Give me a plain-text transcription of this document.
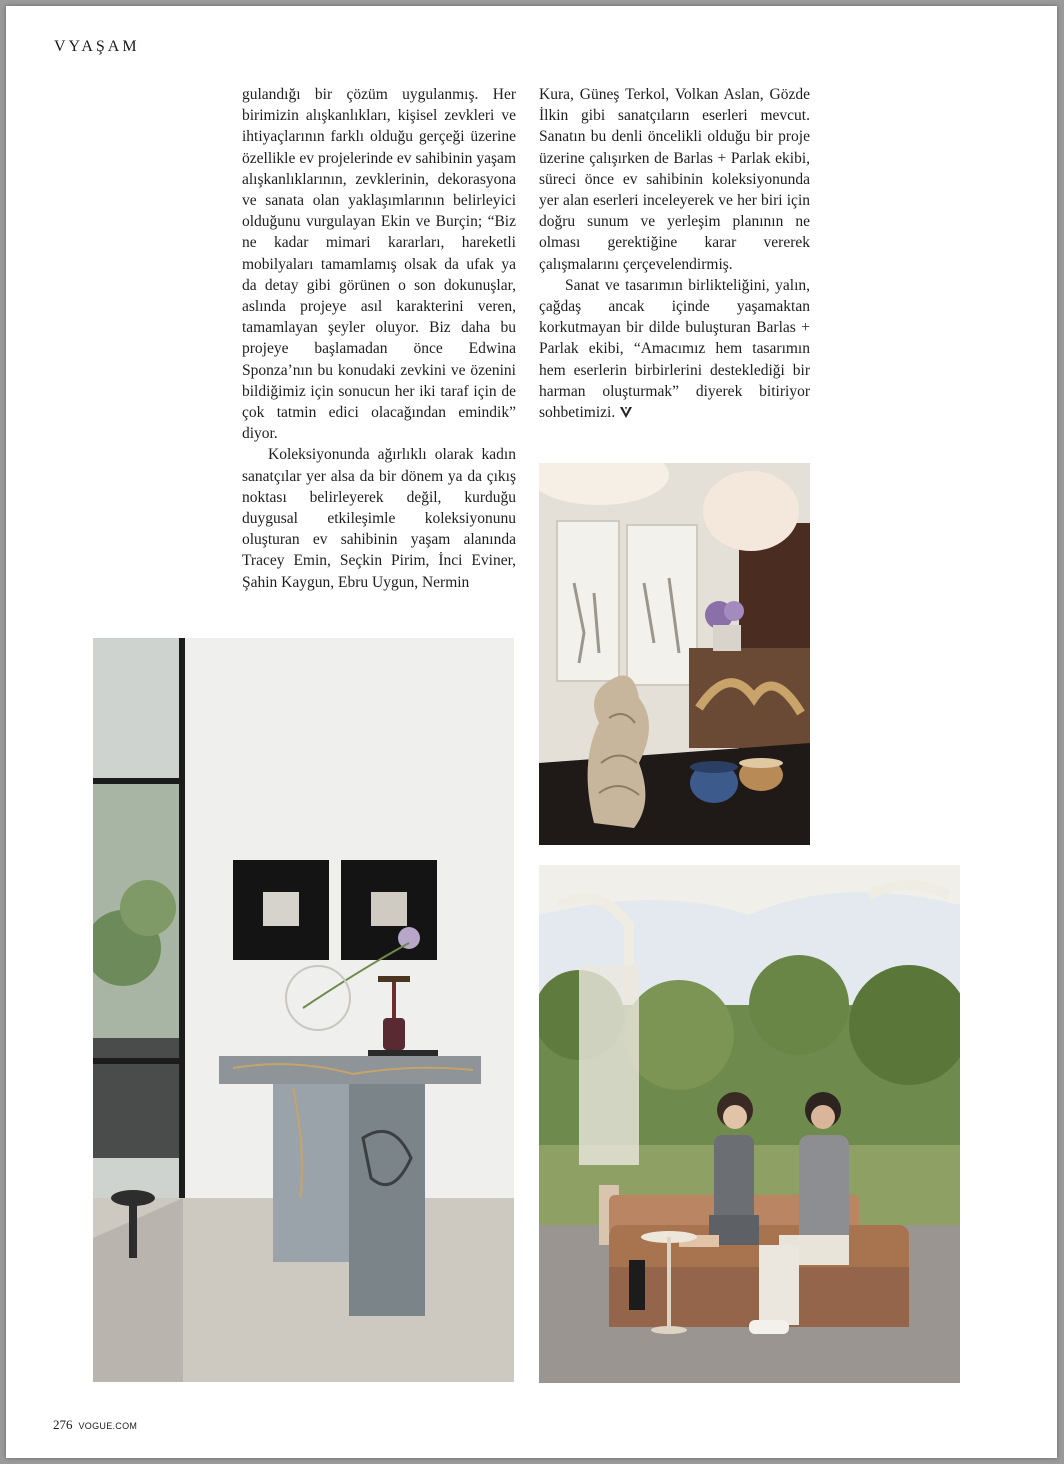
VYAŞAM

gulandığı bir çözüm uygulanmış. Her birimizin alışkanlıkları, kişisel zevkleri ve ihtiyaçlarının farklı olduğu gerçeği üzerine özellikle ev projelerinde ev sahibinin yaşam alışkanlıklarının, zevklerinin, dekorasyona ve sanata olan yaklaşımlarının belirleyici olduğunu vurgulayan Ekin ve Burçin; “Biz ne kadar mimari kararları, hareketli mobilyaları tamamlamış olsak da ufak ya da detay gibi görünen o son dokunuşlar, aslında projeye asıl karakterini veren, tamamlayan şeyler oluyor. Biz daha bu projeye başlamadan önce Edwina Sponza’nın bu konudaki zevkini ve özenini bildiğimiz için sonucun her iki taraf için de çok tatmin edici olacağından emindik” diyor.

Koleksiyonunda ağırlıklı olarak kadın sanatçılar yer alsa da bir dönem ya da çıkış noktası belirleyerek değil, kurduğu duygusal etkileşimle koleksiyonunu oluşturan ev sahibinin yaşam alanında Tracey Emin, Seçkin Pirim, İnci Eviner, Şahin Kaygun, Ebru Uygun, Nermin

Kura, Güneş Terkol, Volkan Aslan, Gözde İlkin gibi sanatçıların eserleri mevcut. Sanatın bu denli öncelikli olduğu bir proje üzerine çalışırken de Barlas + Parlak ekibi, süreci önce ev sahibinin koleksiyonunda yer alan eserleri inceleyerek ve her biri için doğru sunum ve yerleşim planının ne olması gerektiğine karar vererek çalışmalarını çerçevelendirmiş.

Sanat ve tasarımın birlikteliğini, yalın, çağdaş ancak içinde yaşamaktan korkutmayan bir dilde buluşturan Barlas + Parlak ekibi, “Amacımız hem tasarımın hem eserlerin birbirlerini desteklediği bir harman oluşturmak” diyerek bitiriyor sohbetimizi.

276 VOGUE.COM
